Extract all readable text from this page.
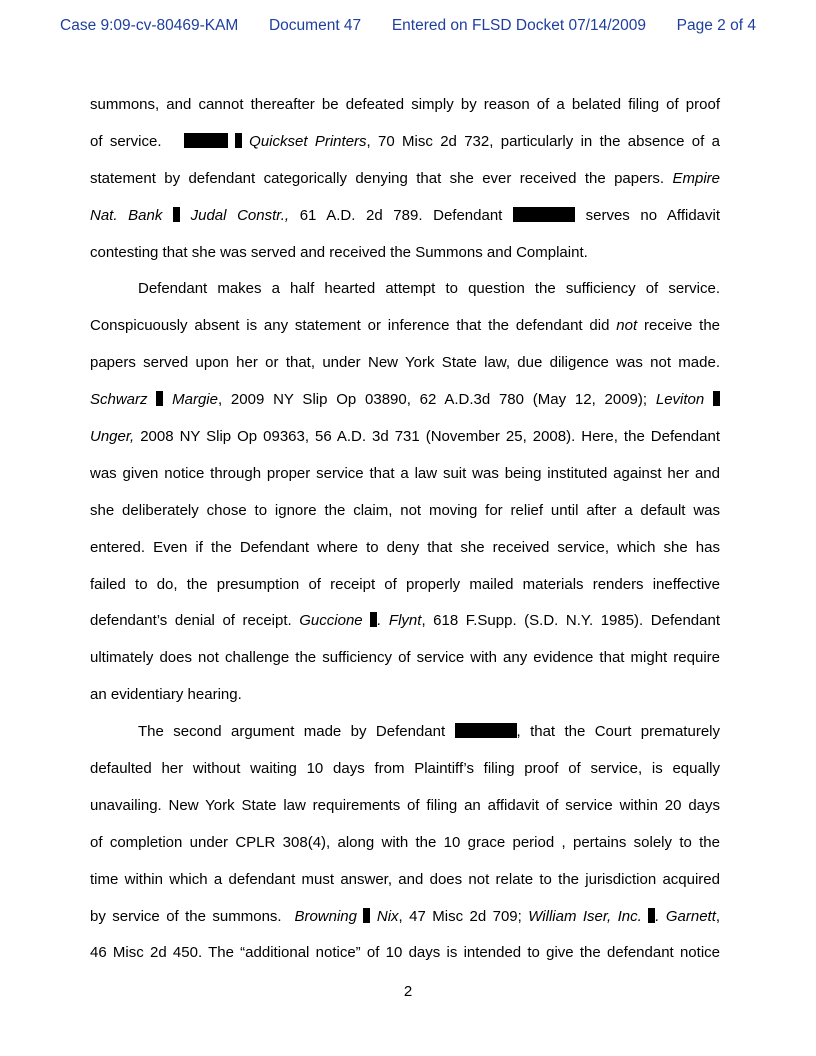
Case 9:09-cv-80469-KAM Document 47 Entered on FLSD Docket 07/14/2009 Page 2 of 4
summons, and cannot thereafter be defeated simply by reason of a belated filing of proof
of service.	Quickset Printers, 70 Misc 2d 732, particularly in the absence of a
statement by defendant categorically denying that she ever received the papers. Empire
Nat. Bank Judal Constr., 61 A.D. 2d 789. Defendant	serves no Affidavit
contesting that she was served and received the Summons and Complaint.
Defendant makes a half hearted attempt to question the sufficiency of service.
Conspicuously absent is any statement or inference that the defendant did not receive the
papers served upon her or that, under New York State law, due diligence was not made.
Schwarz Margie, 2009 NY Slip Op 03890, 62 A.D.3d 780 (May 12, 2009); Leviton
Unger, 2008 NY Slip Op 09363, 56 A.D. 3d 731 (November 25, 2008). Here, the Defendant
was given notice through proper service that a law suit was being instituted against her and
she deliberately chose to ignore the claim, not moving for relief until after a default was
entered. Even if the Defendant where to deny that she received service, which she has
failed to do, the presumption of receipt of properly mailed materials renders ineffective
defendant’s denial of receipt. Guccione . Flynt, 618 F.Supp. (S.D. N.Y. 1985). Defendant
ultimately does not challenge the sufficiency of service with any evidence that might require
an evidentiary hearing.
The second argument made by Defendant	, that the Court prematurely
defaulted her without waiting 10 days from Plaintiff’s filing proof of service, is equally
unavailing. New York State law requirements of filing an affidavit of service within 20 days
of completion under CPLR 308(4), along with the 10 grace period , pertains solely to the
time within which a defendant must answer, and does not relate to the jurisdiction acquired
by service of the summons. Browning Nix, 47 Misc 2d 709; William Iser, Inc. . Garnett,
46 Misc 2d 450. The “additional notice” of 10 days is intended to give the defendant notice
2
